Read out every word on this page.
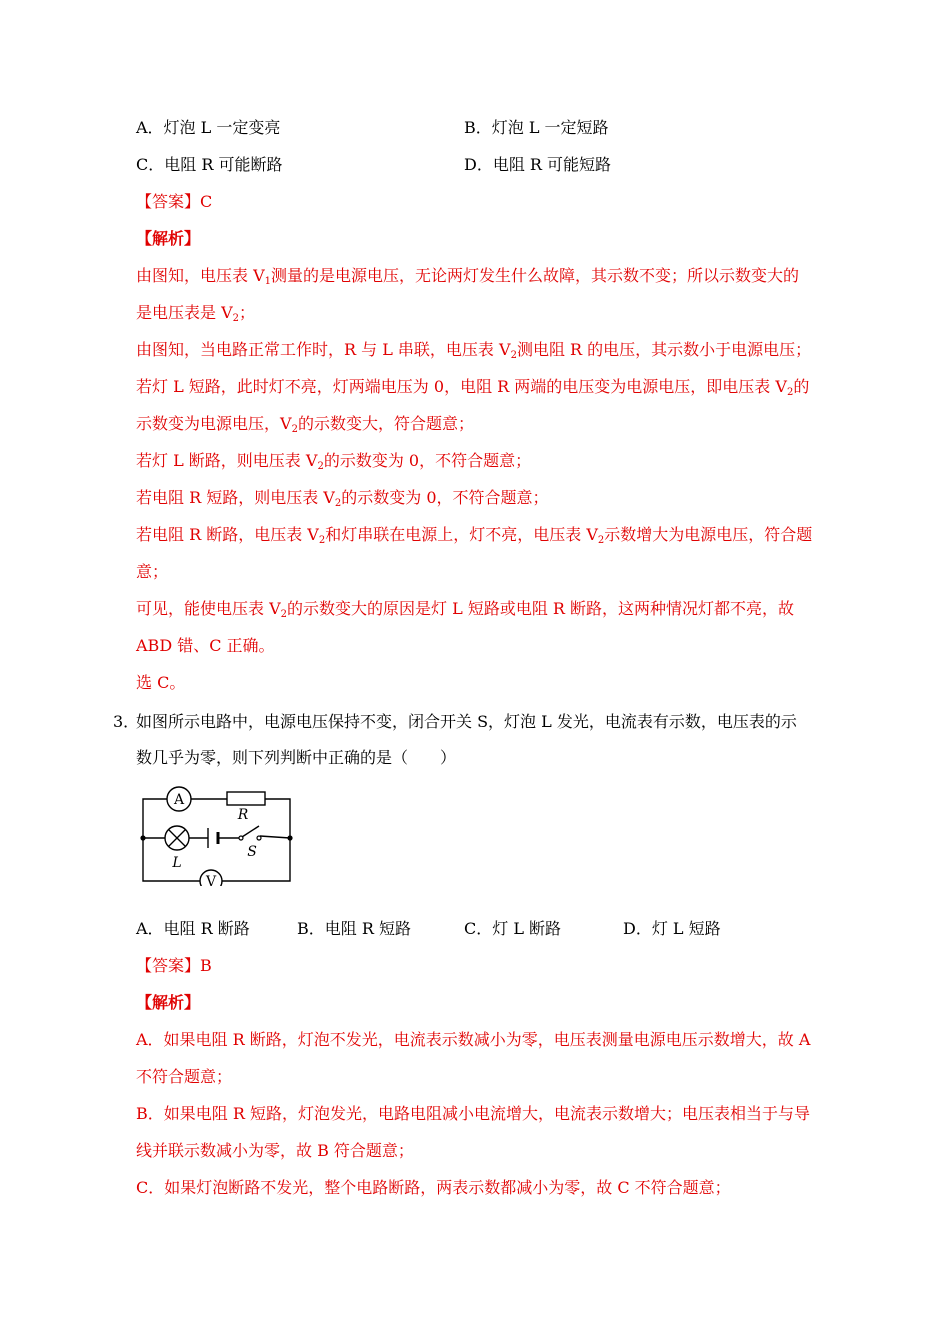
A．灯泡 L 一定变亮	B．灯泡 L 一定短路
C．电阻 R 可能断路	D．电阻 R 可能短路
【答案】C
【解析】
由图知，电压表 $V_1$测量的是电源电压，无论两灯发生什么故障，其示数不变；所以示数变大的
是电压表是 $V_2$；
由图知，当电路正常工作时，R 与 L 串联，电压表 $V_2$测电阻 R 的电压，其示数小于电源电压；
若灯 L 短路，此时灯不亮，灯两端电压为 0，电阻 R 两端的电压变为电源电压，即电压表 $V_2$的
示数变为电源电压，$V_2$的示数变大，符合题意；
若灯 L 断路，则电压表 $V_2$的示数变为 0，不符合题意；
若电阻 R 短路，则电压表 $V_2$的示数变为 0，不符合题意；
若电阻 R 断路，电压表 $V_2$和灯串联在电源上，灯不亮，电压表 $V_2$示数增大为电源电压，符合题
意；
可见，能使电压表 $V_2$的示数变大的原因是灯 L 短路或电阻 R 断路，这两种情况灯都不亮，故
ABD 错、C 正确。
选 C。
3．
如图所示电路中，电源电压保持不变，闭合开关 S，灯泡 L 发光，电流表有示数，电压表的示
数几乎为零，则下列判断中正确的是（　　）
A
R
L
S
V
A．电阻 R 断路	B．电阻 R 短路	C．灯 L 断路	D．灯 L 短路
【答案】B
【解析】
A．如果电阻 R 断路，灯泡不发光，电流表示数减小为零，电压表测量电源电压示数增大，故 A
不符合题意；
B．如果电阻 R 短路，灯泡发光，电路电阻减小电流增大，电流表示数增大；电压表相当于与导
线并联示数减小为零，故 B 符合题意；
C．如果灯泡断路不发光，整个电路断路，两表示数都减小为零，故 C 不符合题意；
